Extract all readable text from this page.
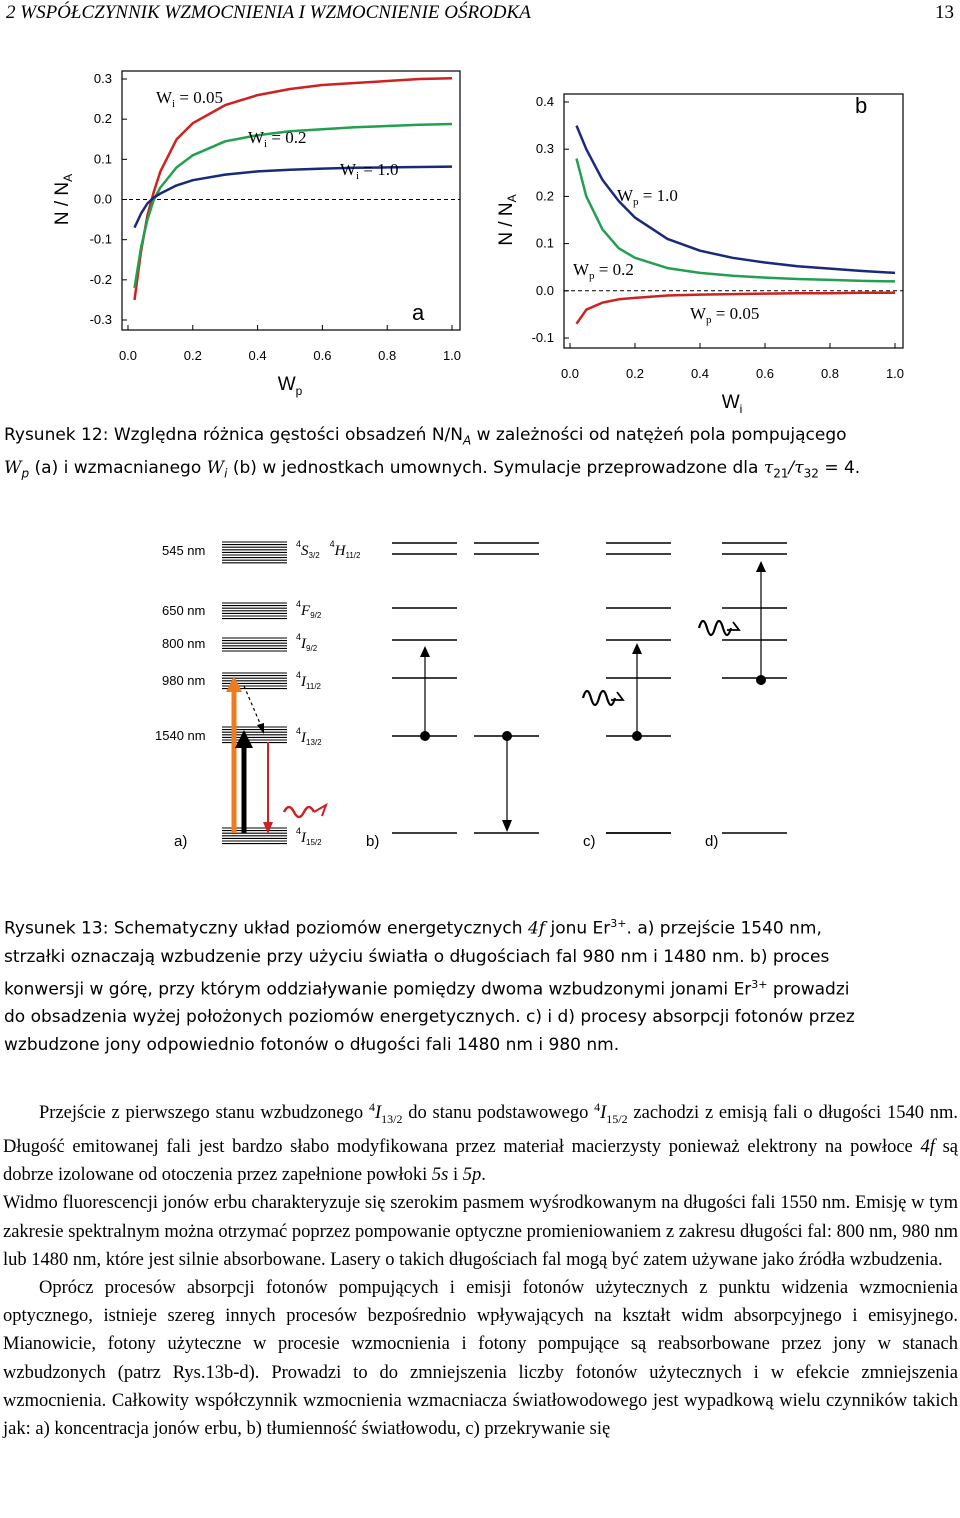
2 WSPÓŁCZYNNIK WZMOCNIENIA I WZMOCNIENIE OŚRODKA	13
0.3
0.2
0.1
0.0
-0.1
-0.2
-0.3
0.0	0.2	0.4	0.6	0.8	1.0
N / $N_A$
$W_p$
a
$W_i = 0.05$
$W_i = 0.2$
$W_i = 1.0$
0.4
0.3
0.2
0.1
0.0
-0.1
0.0	0.2	0.4	0.6	0.8	1.0
N / $N_A$
$W_i$
b
$W_p = 1.0$
$W_p = 0.2$
$W_p = 0.05$
Rysunek 12: Względna różnica gęstości obsadzeń $N/N_A$ w zależności od natężeń pola pompującego
$W_p$ (a) i wzmacnianego $W_i$ (b) w jednostkach umownych. Symulacje przeprowadzone dla $\tau_{21}/\tau_{32} = 4$.
545 nm
650 nm
800 nm
980 nm
1540 nm
$^4S_{3/2}^4H_{11/2}$
$^4F_{9/2}$
$^4I_{9/2}$
$^4I_{11/2}$
$^4I_{13/2}$
$^4I_{15/2}$
a)	b)	c)	d)
Rysunek 13: Schematyczny układ poziomów energetycznych 4f jonu $Er^{3+}$. a) przejście 1540 nm,
strzałki oznaczają wzbudzenie przy użyciu światła o długościach fal 980 nm i 1480 nm. b) proces
konwersji w górę, przy którym oddziaływanie pomiędzy dwoma wzbudzonymi jonami $Er^{3+}$ prowadzi
do obsadzenia wyżej położonych poziomów energetycznych. c) i d) procesy absorpcji fotonów przez
wzbudzone jony odpowiednio fotonów o długości fali 1480 nm i 980 nm.

Przejście z pierwszego stanu wzbudzonego $^4I_{13/2}$ do stanu podstawowego $^4I_{15/2}$ zachodzi z emisją fali o długości 1540 nm. Długość emitowanej fali jest bardzo słabo modyfikowana przez materiał macierzysty ponieważ elektrony na powłoce 4f są dobrze izolowane od otoczenia przez zapełnione powłoki 5s i 5p.

Widmo fluorescencji jonów erbu charakteryzuje się szerokim pasmem wyśrodkowanym na długości fali 1550 nm. Emisję w tym zakresie spektralnym można otrzymać poprzez pompowanie optyczne promieniowaniem z zakresu długości fal: 800 nm, 980 nm lub 1480 nm, które jest silnie absorbowane. Lasery o takich długościach fal mogą być zatem używane jako źródła wzbudzenia.

Oprócz procesów absorpcji fotonów pompujących i emisji fotonów użytecznych z punktu widzenia wzmocnienia optycznego, istnieje szereg innych procesów bezpośrednio wpływających na kształt widm absorpcyjnego i emisyjnego. Mianowicie, fotony użyteczne w procesie wzmocnienia i fotony pompujące są reabsorbowane przez jony w stanach wzbudzonych (patrz Rys.13b-d). Prowadzi to do zmniejszenia liczby fotonów użytecznych i w efekcie zmniejszenia wzmocnienia. Całkowity współczynnik wzmocnienia wzmacniacza światłowodowego jest wypadkową wielu czynników takich jak: a) koncentracja jonów erbu, b) tłumienność światłowodu, c) przekrywanie się
